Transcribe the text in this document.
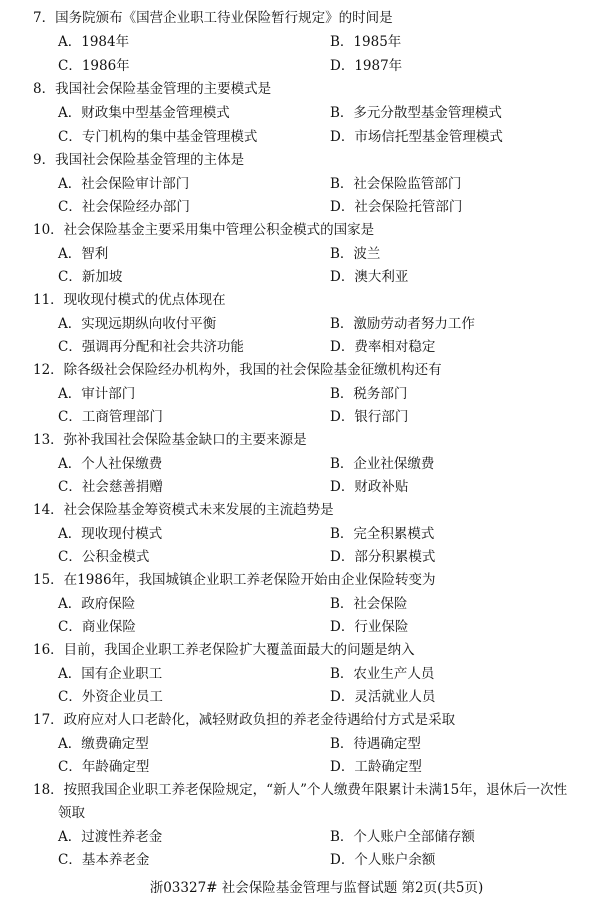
7．国务院颁布《国营企业职工待业保险暂行规定》的时间是
A．1984年	B．1985年
C．1986年	D．1987年
8．我国社会保险基金管理的主要模式是
A．财政集中型基金管理模式	B．多元分散型基金管理模式
C．专门机构的集中基金管理模式	D．市场信托型基金管理模式
9．我国社会保险基金管理的主体是
A．社会保险审计部门	B．社会保险监管部门
C．社会保险经办部门	D．社会保险托管部门
10．社会保险基金主要采用集中管理公积金模式的国家是
A．智利	B．波兰
C．新加坡	D．澳大利亚
11．现收现付模式的优点体现在
A．实现远期纵向收付平衡	B．激励劳动者努力工作
C．强调再分配和社会共济功能	D．费率相对稳定
12．除各级社会保险经办机构外，我国的社会保险基金征缴机构还有
A．审计部门	B．税务部门
C．工商管理部门	D．银行部门
13．弥补我国社会保险基金缺口的主要来源是
A．个人社保缴费	B．企业社保缴费
C．社会慈善捐赠	D．财政补贴
14．社会保险基金筹资模式未来发展的主流趋势是
A．现收现付模式	B．完全积累模式
C．公积金模式	D．部分积累模式
15．在1986年，我国城镇企业职工养老保险开始由企业保险转变为
A．政府保险	B．社会保险
C．商业保险	D．行业保险
16．目前，我国企业职工养老保险扩大覆盖面最大的问题是纳入
A．国有企业职工	B．农业生产人员
C．外资企业员工	D．灵活就业人员
17．政府应对人口老龄化，减轻财政负担的养老金待遇给付方式是采取
A．缴费确定型	B．待遇确定型
C．年龄确定型	D．工龄确定型
18．按照我国企业职工养老保险规定，“新人”个人缴费年限累计未满15年，退休后一次性
领取
A．过渡性养老金	B．个人账户全部储存额
C．基本养老金	D．个人账户余额
浙03327# 社会保险基金管理与监督试题 第2页(共5页)
